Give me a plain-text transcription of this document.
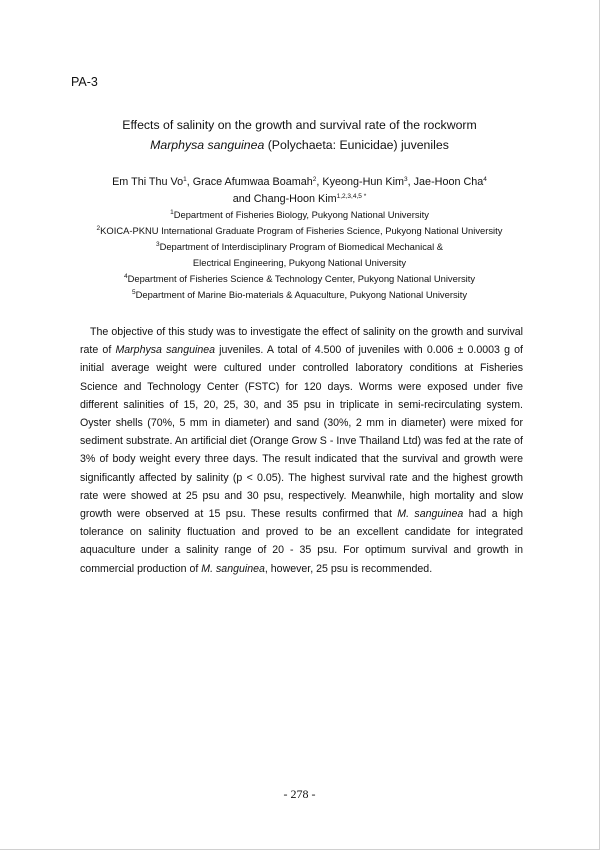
PA-3
Effects of salinity on the growth and survival rate of the rockworm
Marphysa sanguinea (Polychaeta: Eunicidae) juveniles
Em Thi Thu Vo$^1$, Grace Afumwaa Boamah$^2$, Kyeong-Hun Kim$^3$, Jae-Hoon Cha$^4$
and Chang-Hoon Kim$^{1,2,3,4,5 *}$
$^1$Department of Fisheries Biology, Pukyong National University
$^2$KOICA-PKNU International Graduate Program of Fisheries Science, Pukyong National University
$^3$Department of Interdisciplinary Program of Biomedical Mechanical &
Electrical Engineering, Pukyong National University
$^4$Department of Fisheries Science & Technology Center, Pukyong National University
$^5$Department of Marine Bio-materials & Aquaculture, Pukyong National University

The objective of this study was to investigate the effect of salinity on the growth and survival rate of Marphysa sanguinea juveniles. A total of 4.500 of juveniles with 0.006 ± 0.0003 g of initial average weight were cultured under controlled laboratory conditions at Fisheries Science and Technology Center (FSTC) for 120 days. Worms were exposed under five different salinities of 15, 20, 25, 30, and 35 psu in triplicate in semi-recirculating system. Oyster shells (70%, 5 mm in diameter) and sand (30%, 2 mm in diameter) were mixed for sediment substrate. An artificial diet (Orange Grow S - Inve Thailand Ltd) was fed at the rate of 3% of body weight every three days. The result indicated that the survival and growth were significantly affected by salinity (p < 0.05). The highest survival rate and the highest growth rate were showed at 25 psu and 30 psu, respectively. Meanwhile, high mortality and slow growth were observed at 15 psu. These results confirmed that M. sanguinea had a high tolerance on salinity fluctuation and proved to be an excellent candidate for integrated aquaculture under a salinity range of 20 - 35 psu. For optimum survival and growth in commercial production of M. sanguinea, however, 25 psu is recommended.

- 278 -
